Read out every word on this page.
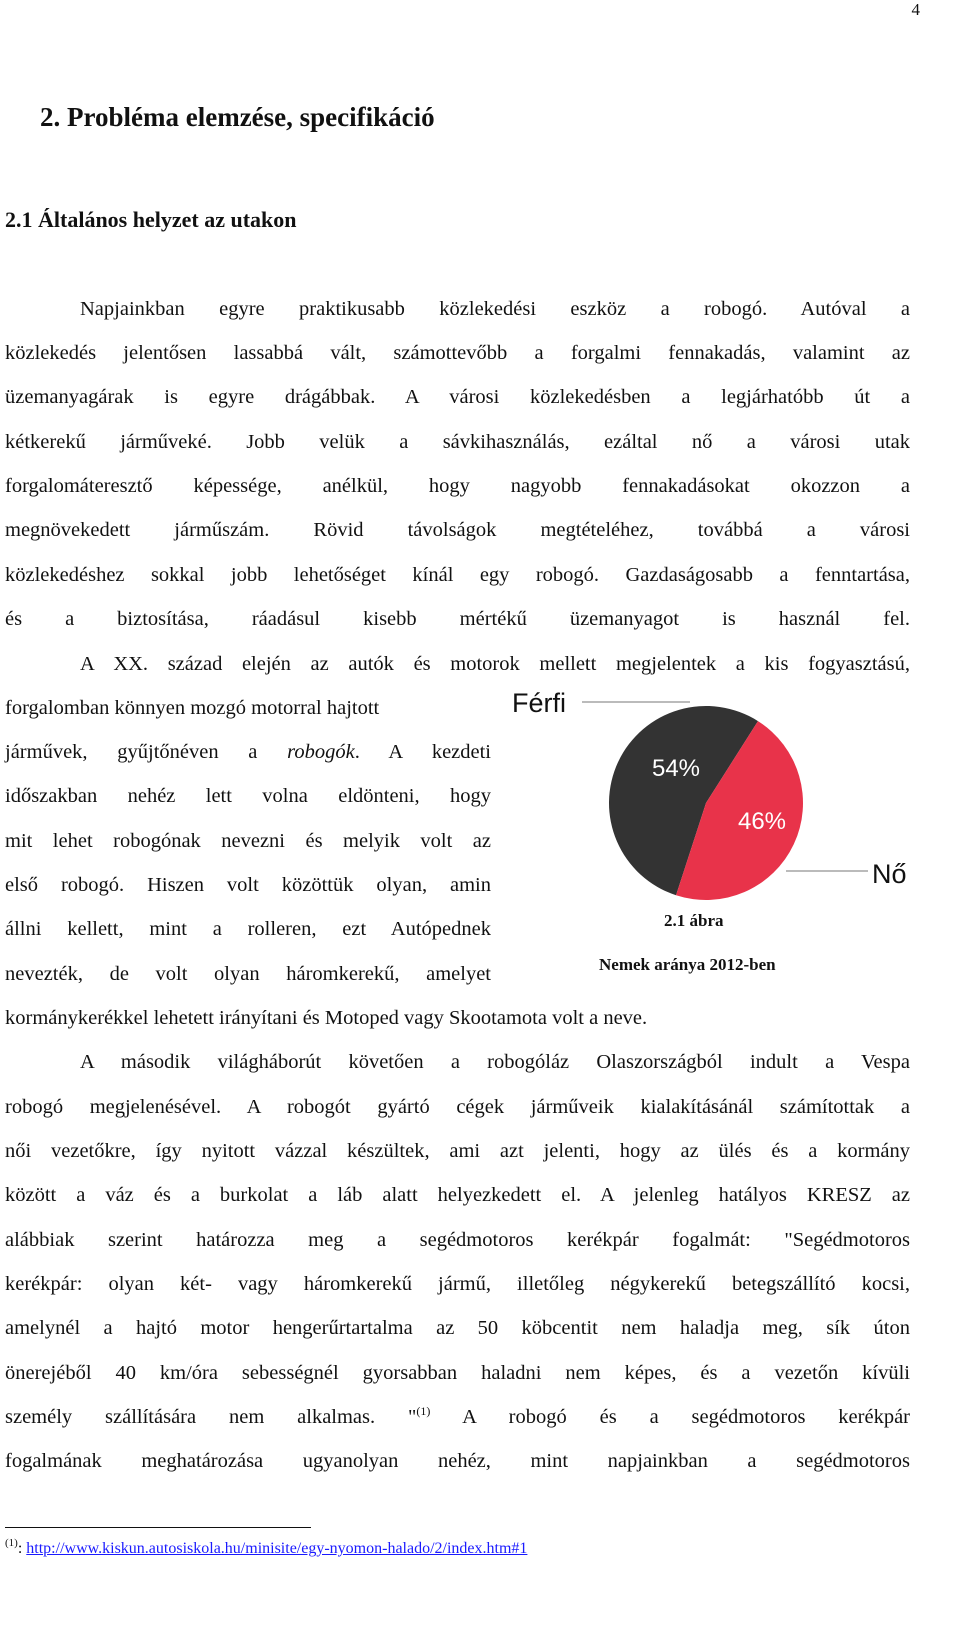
4
2. Probléma elemzése, specifikáció
2.1 Általános helyzet az utakon
Napjainkban egyre praktikusabb közlekedési eszköz a robogó. Autóval a
közlekedés jelentősen lassabbá vált, számottevőbb a forgalmi fennakadás, valamint az
üzemanyagárak is egyre drágábbak. A városi közlekedésben a legjárhatóbb út a
kétkerekű járműveké. Jobb velük a sávkihasználás, ezáltal nő a városi utak
forgalomáteresztő képessége, anélkül, hogy nagyobb fennakadásokat okozzon a
megnövekedett járműszám. Rövid távolságok megtételéhez, továbbá a városi
közlekedéshez sokkal jobb lehetőséget kínál egy robogó. Gazdaságosabb a fenntartása,
és a biztosítása, ráadásul kisebb mértékű üzemanyagot is használ fel.
A XX. század elején az autók és motorok mellett megjelentek a kis fogyasztású,
forgalomban könnyen mozgó motorral hajtott
járművek, gyűjtőnéven a robogók. A kezdeti
időszakban nehéz lett volna eldönteni, hogy
mit lehet robogónak nevezni és melyik volt az
első robogó. Hiszen volt közöttük olyan, amin
állni kellett, mint a rolleren, ezt Autópednek
nevezték, de volt olyan háromkerekű, amelyet
kormánykerékkel lehetett irányítani és Motoped vagy Skootamota volt a neve.
54%
46%
Férfi
Nő
2.1 ábra
Nemek aránya 2012-ben
A második világháborút követően a robogóláz Olaszországból indult a Vespa
robogó megjelenésével. A robogót gyártó cégek járműveik kialakításánál számítottak a
női vezetőkre, így nyitott vázzal készültek, ami azt jelenti, hogy az ülés és a kormány
között a váz és a burkolat a láb alatt helyezkedett el. A jelenleg hatályos KRESZ az
alábbiak szerint határozza meg a segédmotoros kerékpár fogalmát: "Segédmotoros
kerékpár: olyan két- vagy háromkerekű jármű, illetőleg négykerekű betegszállító kocsi,
amelynél a hajtó motor hengerűrtartalma az 50 köbcentit nem haladja meg, sík úton
önerejéből 40 km/óra sebességnél gyorsabban haladni nem képes, és a vezetőn kívüli
személy szállítására nem alkalmas. "$^{(1)}$ A robogó és a segédmotoros kerékpár
fogalmának meghatározása ugyanolyan nehéz, mint napjainkban a segédmotoros
$^{(1)}$: http://www.kiskun.autosiskola.hu/minisite/egy-nyomon-halado/2/index.htm#1
